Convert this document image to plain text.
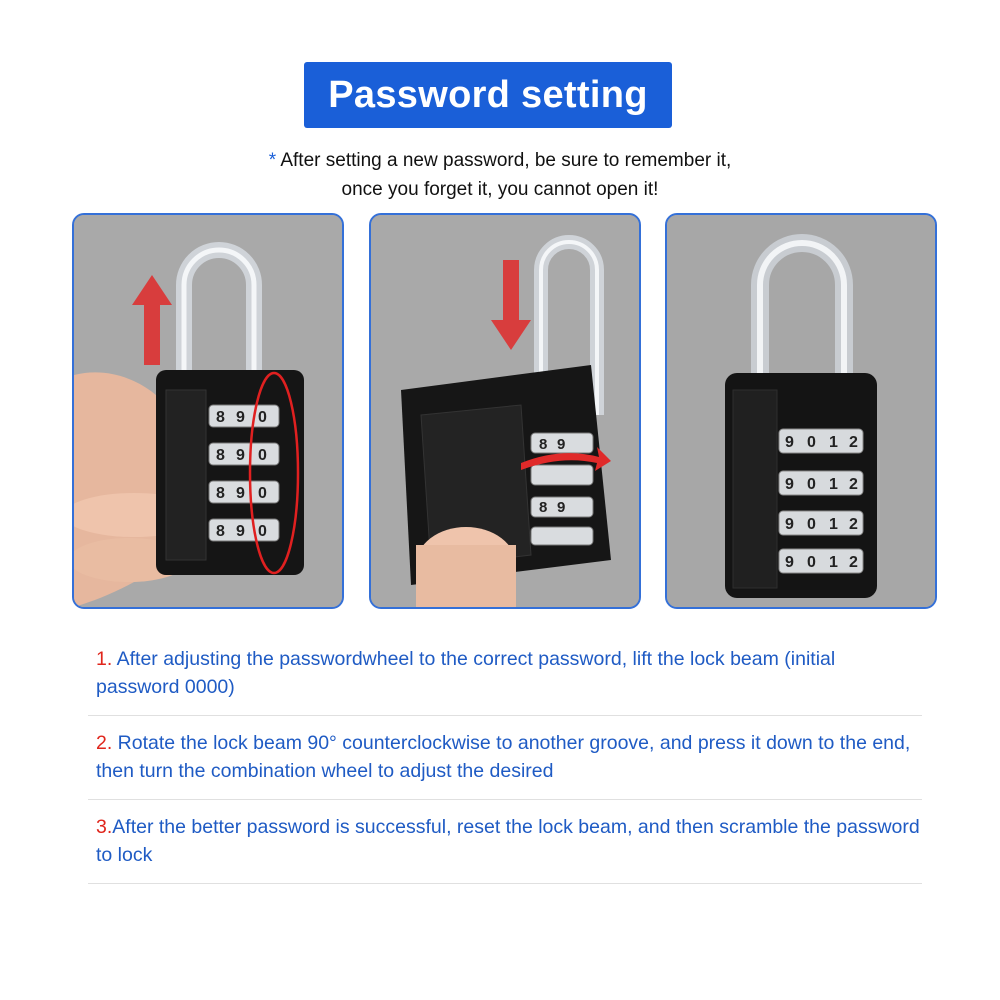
Password setting
* After setting a new password, be sure to remember it,
once you forget it, you cannot open it!
8 9 0
8 9 0
8 9 0
8 9 0
8 9
8 9
9 0 1 2
9 0 1 2
9 0 1 2
9 0 1 2
1. After adjusting the passwordwheel to the correct password, lift the lock beam (initial password 0000)
2. Rotate the lock beam 90° counterclockwise to another groove, and press it down to the end, then turn the combination wheel to adjust the desired
3.After the better password is successful, reset the lock beam, and then scramble the password to lock
